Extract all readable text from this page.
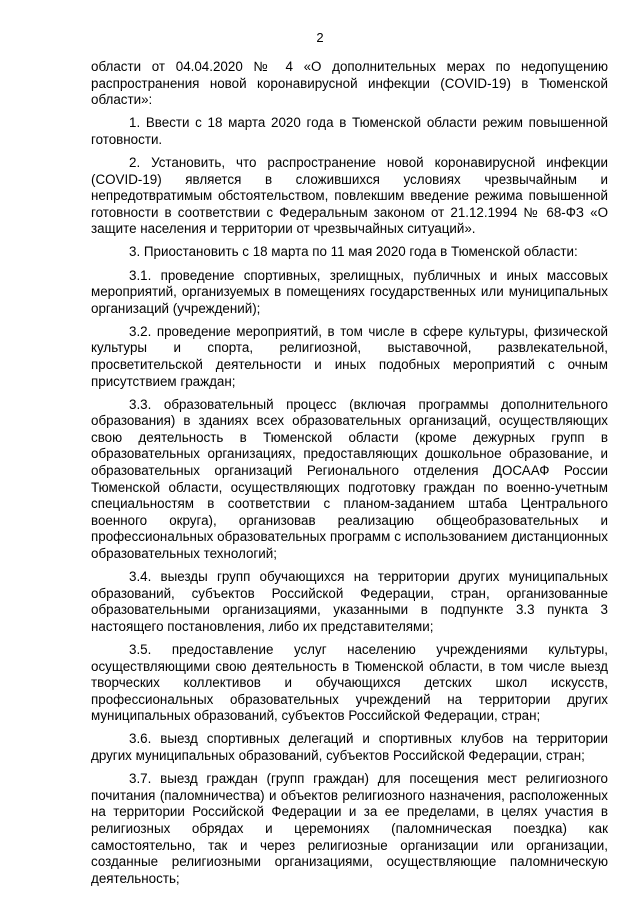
2

области от 04.04.2020 № 4 «О дополнительных мерах по недопущению распространения новой коронавирусной инфекции (COVID-19) в Тюменской области»:

1. Ввести с 18 марта 2020 года в Тюменской области режим повышенной готовности.

2. Установить, что распространение новой коронавирусной инфекции (COVID-19) является в сложившихся условиях чрезвычайным и непредотвратимым обстоятельством, повлекшим введение режима повышенной готовности в соответствии с Федеральным законом от 21.12.1994 № 68-ФЗ «О защите населения и территории от чрезвычайных ситуаций».

3. Приостановить с 18 марта по 11 мая 2020 года в Тюменской области:

3.1. проведение спортивных, зрелищных, публичных и иных массовых мероприятий, организуемых в помещениях государственных или муниципальных организаций (учреждений);

3.2. проведение мероприятий, в том числе в сфере культуры, физической культуры и спорта, религиозной, выставочной, развлекательной, просветительской деятельности и иных подобных мероприятий с очным присутствием граждан;

3.3. образовательный процесс (включая программы дополнительного образования) в зданиях всех образовательных организаций, осуществляющих свою деятельность в Тюменской области (кроме дежурных групп в образовательных организациях, предоставляющих дошкольное образование, и образовательных организаций Регионального отделения ДОСААФ России Тюменской области, осуществляющих подготовку граждан по военно-учетным специальностям в соответствии с планом-заданием штаба Центрального военного округа), организовав реализацию общеобразовательных и профессиональных образовательных программ с использованием дистанционных образовательных технологий;

3.4. выезды групп обучающихся на территории других муниципальных образований, субъектов Российской Федерации, стран, организованные образовательными организациями, указанными в подпункте 3.3 пункта 3 настоящего постановления, либо их представителями;

3.5. предоставление услуг населению учреждениями культуры, осуществляющими свою деятельность в Тюменской области, в том числе выезд творческих коллективов и обучающихся детских школ искусств, профессиональных образовательных учреждений на территории других муниципальных образований, субъектов Российской Федерации, стран;

3.6. выезд спортивных делегаций и спортивных клубов на территории других муниципальных образований, субъектов Российской Федерации, стран;

3.7. выезд граждан (групп граждан) для посещения мест религиозного почитания (паломничества) и объектов религиозного назначения, расположенных на территории Российской Федерации и за ее пределами, в целях участия в религиозных обрядах и церемониях (паломническая поездка) как самостоятельно, так и через религиозные организации или организации, созданные религиозными организациями, осуществляющие паломническую деятельность;
